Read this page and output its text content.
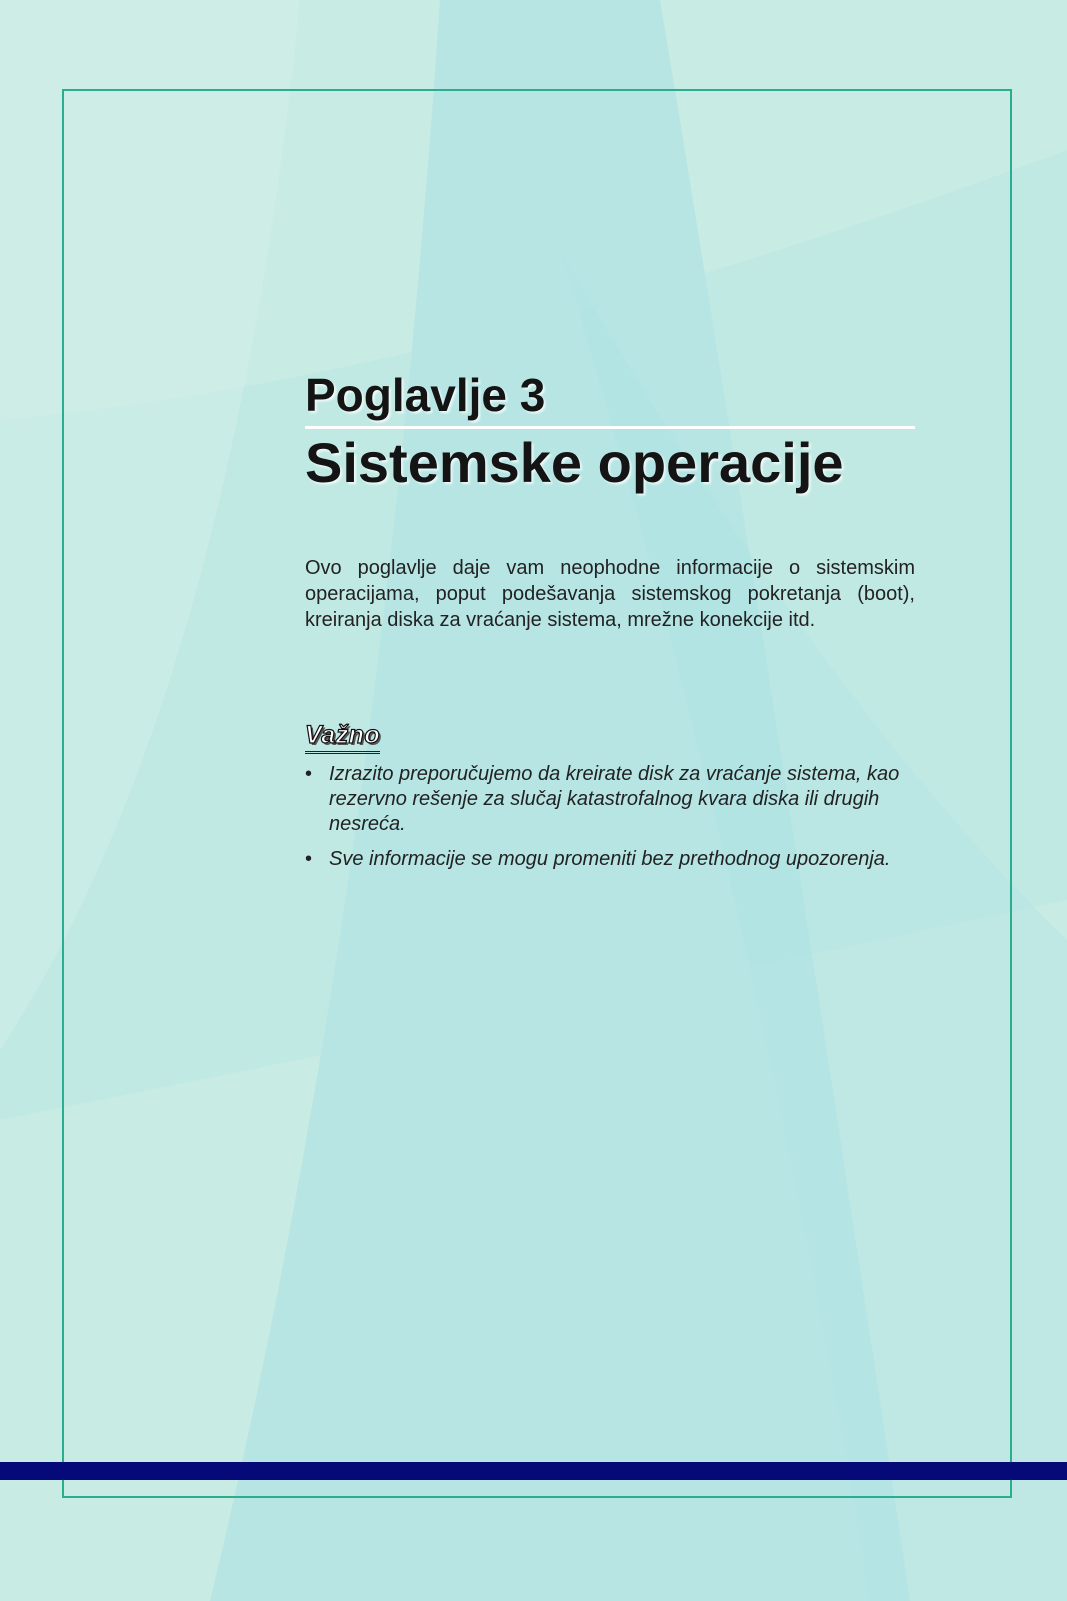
Poglavlje 3
Sistemske operacije

Ovo poglavlje daje vam neophodne informacije o sistemskim operacijama, poput podešavanja sistemskog pokretanja (boot), kreiranja diska za vraćanje sistema, mrežne konekcije itd.

Važno
• Izrazito preporučujemo da kreirate disk za vraćanje sistema, kao rezervno rešenje za slučaj katastrofalnog kvara diska ili drugih nesreća.
• Sve informacije se mogu promeniti bez prethodnog upozorenja.
